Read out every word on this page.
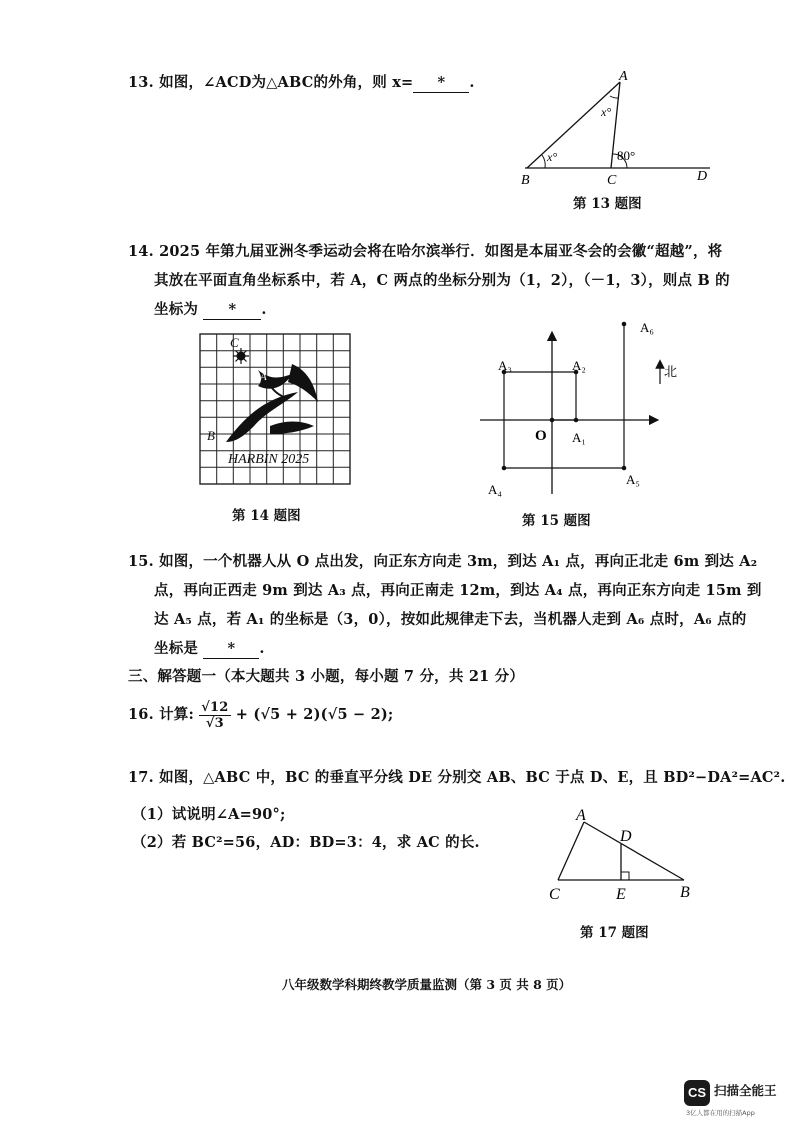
13. 如图，∠ACD为△ABC的外角，则 x= * .	A
B	C	D
x°
x°	80°
第 13 题图
14. 2025 年第九届亚洲冬季运动会将在哈尔滨举行．如图是本届亚冬会的会徽“超越”，将
其放在平面直角坐标系中，若 A，C 两点的坐标分别为（1，2），（－1，3），则点 B 的
坐标为 * .
C
A
B
HARBIN 2025
第 14 题图
O A₁
A₂
A₃
A₄
A₅
A₆
北
第 15 题图
15. 如图，一个机器人从 O 点出发，向正东方向走 3m，到达 A₁ 点，再向正北走 6m 到达 A₂
点，再向正西走 9m 到达 A₃ 点，再向正南走 12m，到达 A₄ 点，再向正东方向走 15m 到
达 A₅ 点，若 A₁ 的坐标是（3，0），按如此规律走下去，当机器人走到 A₆ 点时，A₆ 点的
坐标是 * .
三、解答题一（本大题共 3 小题，每小题 7 分，共 21 分）
16. 计算: $\frac{√12}{√3} + (√5 + 2)(√5 - 2)$;
17. 如图，△ABC 中，BC 的垂直平分线 DE 分别交 AB、BC 于点 D、E，且 BD²−DA²=AC².
（1）试说明∠A=90°;
（2）若 BC²=56，AD：BD=3：4，求 AC 的长.
A
D
C	E	B
第 17 题图
八年级数学科期终教学质量监测（第 3 页 共 8 页）
CS 扫描全能王
3亿人都在用的扫描App
